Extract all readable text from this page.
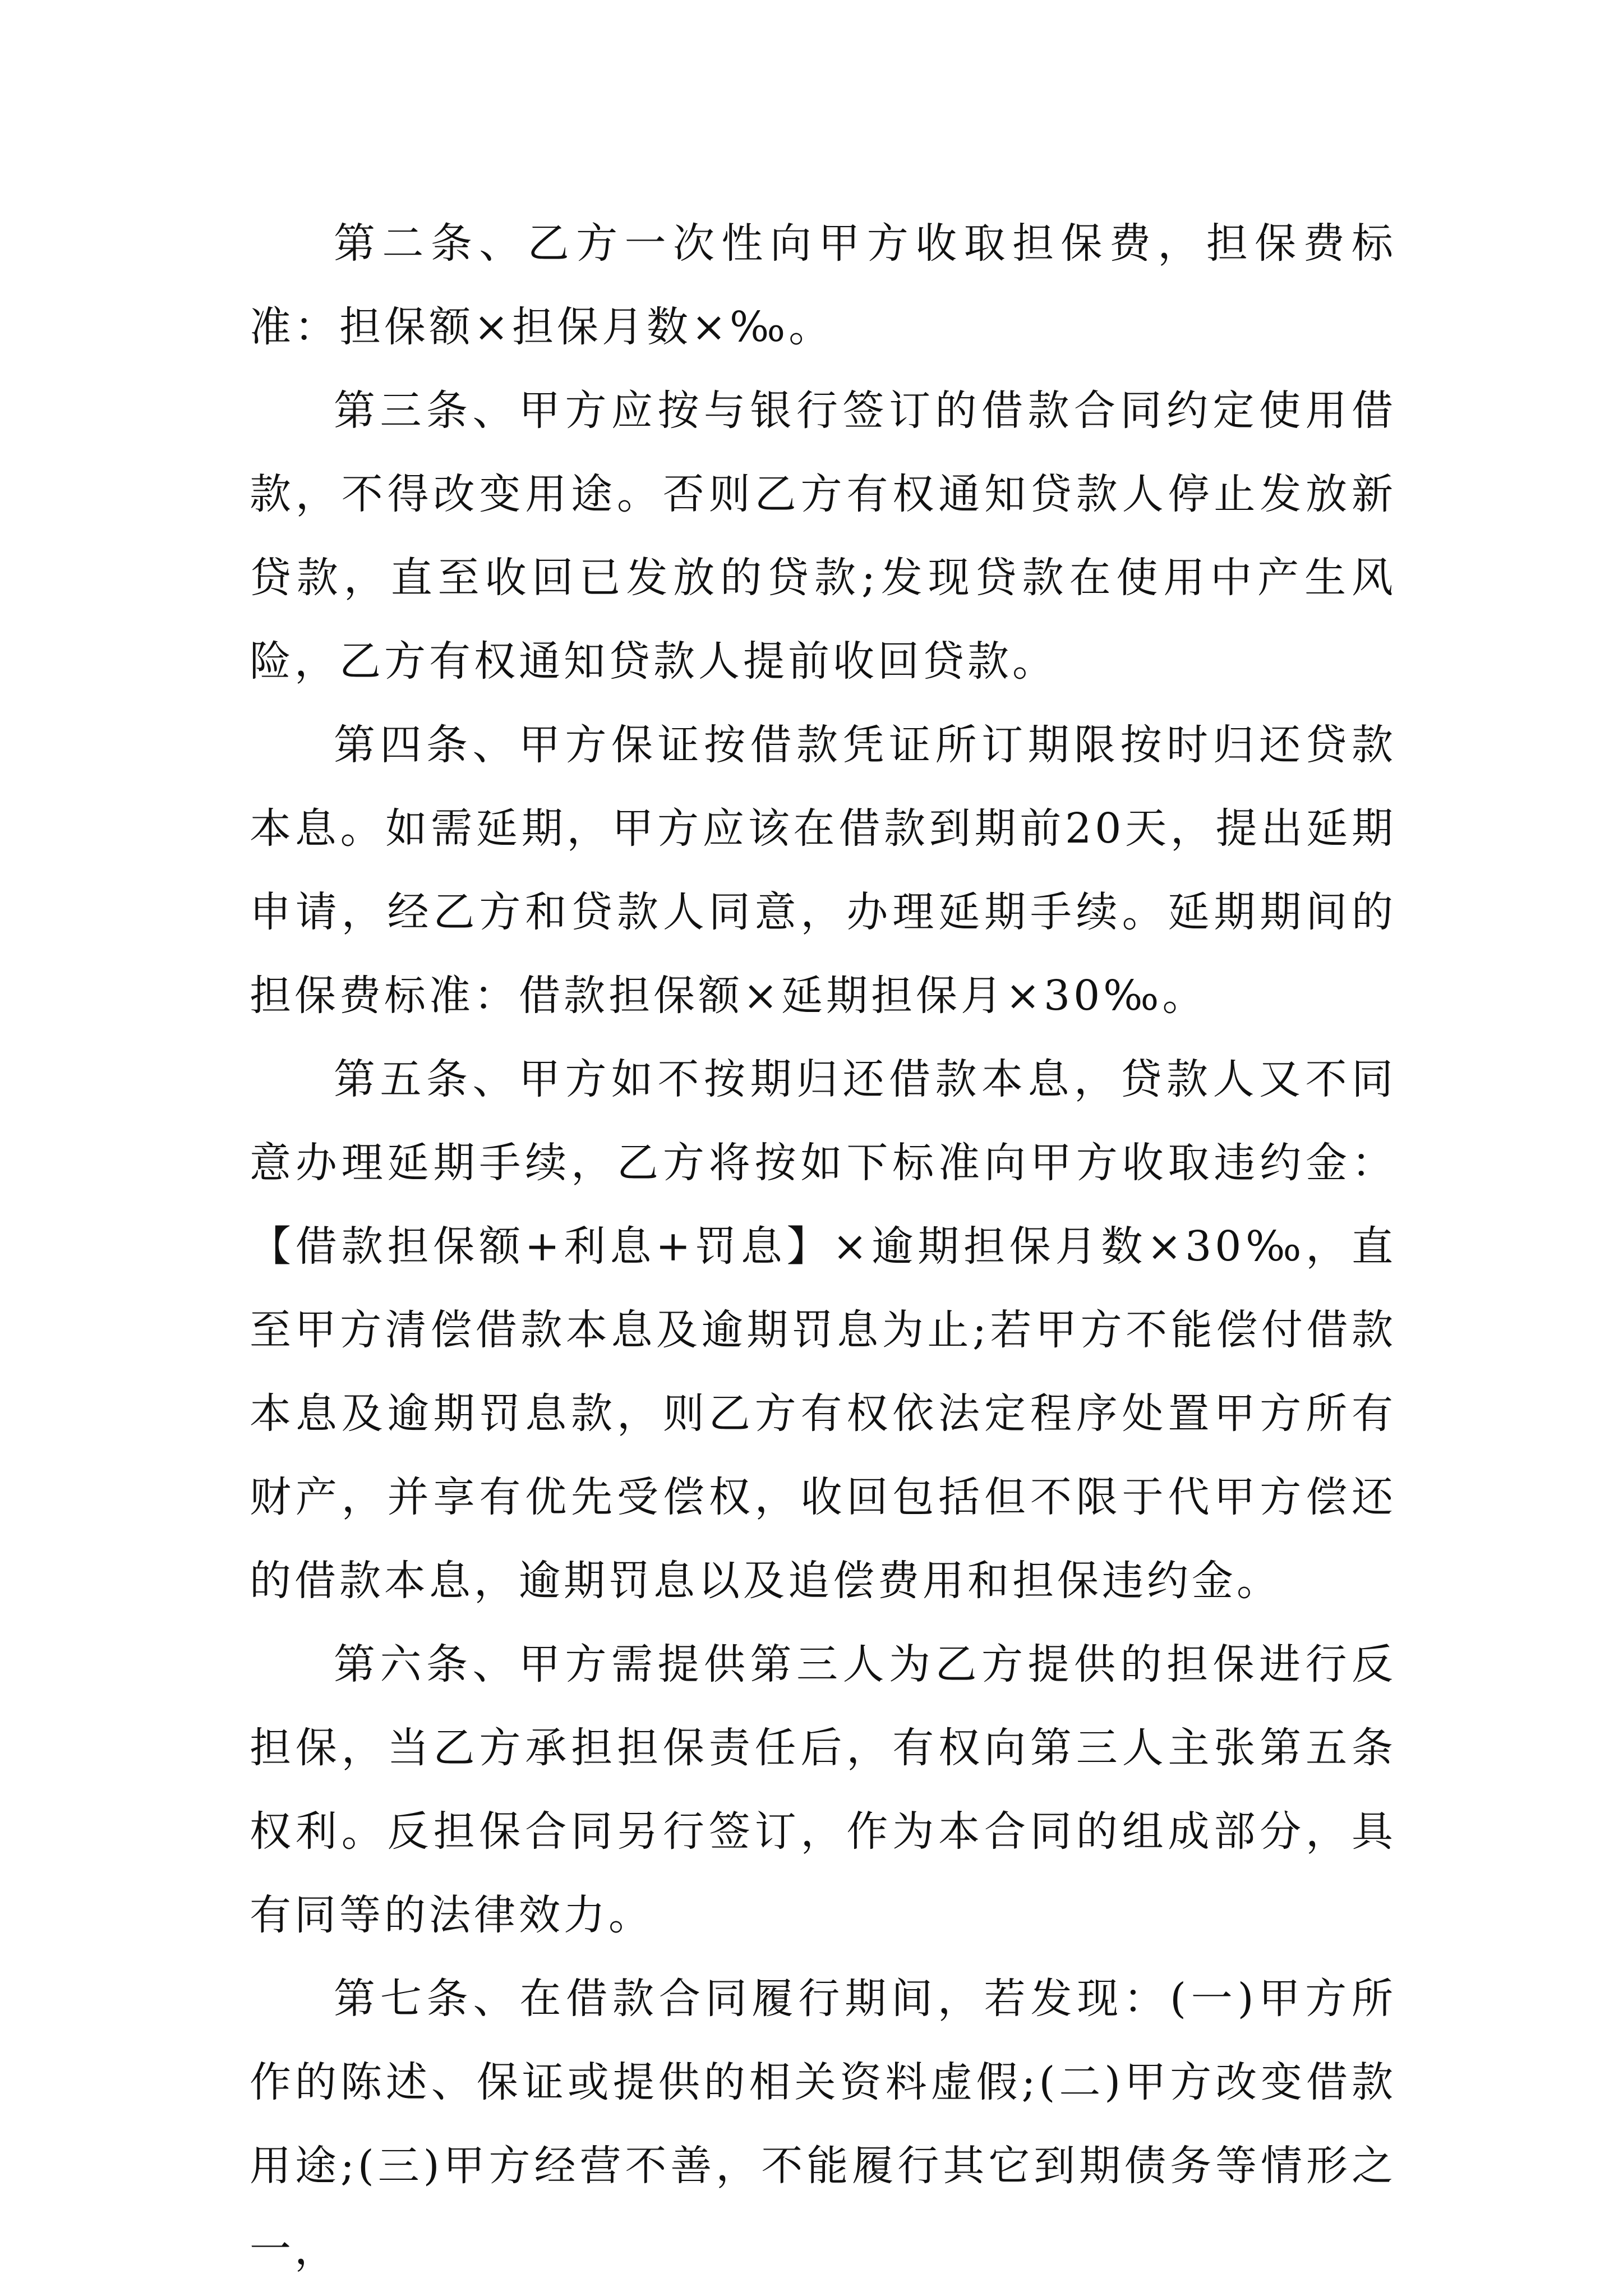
第二条、乙方一次性向甲方收取担保费，担保费标准：担保额×担保月数×‰。

第三条、甲方应按与银行签订的借款合同约定使用借款，不得改变用途。否则乙方有权通知贷款人停止发放新贷款，直至收回已发放的贷款;发现贷款在使用中产生风险，乙方有权通知贷款人提前收回贷款。

第四条、甲方保证按借款凭证所订期限按时归还贷款本息。如需延期，甲方应该在借款到期前20天，提出延期申请，经乙方和贷款人同意，办理延期手续。延期期间的担保费标准：借款担保额×延期担保月×30‰。

第五条、甲方如不按期归还借款本息，贷款人又不同意办理延期手续，乙方将按如下标准向甲方收取违约金：【借款担保额+利息+罚息】×逾期担保月数×30‰，直至甲方清偿借款本息及逾期罚息为止;若甲方不能偿付借款本息及逾期罚息款，则乙方有权依法定程序处置甲方所有财产，并享有优先受偿权，收回包括但不限于代甲方偿还的借款本息，逾期罚息以及追偿费用和担保违约金。

第六条、甲方需提供第三人为乙方提供的担保进行反担保，当乙方承担担保责任后，有权向第三人主张第五条权利。反担保合同另行签订，作为本合同的组成部分，具有同等的法律效力。

第七条、在借款合同履行期间，若发现：(一)甲方所作的陈述、保证或提供的相关资料虚假;(二)甲方改变借款用途;(三)甲方经营不善，不能履行其它到期债务等情形之一，
